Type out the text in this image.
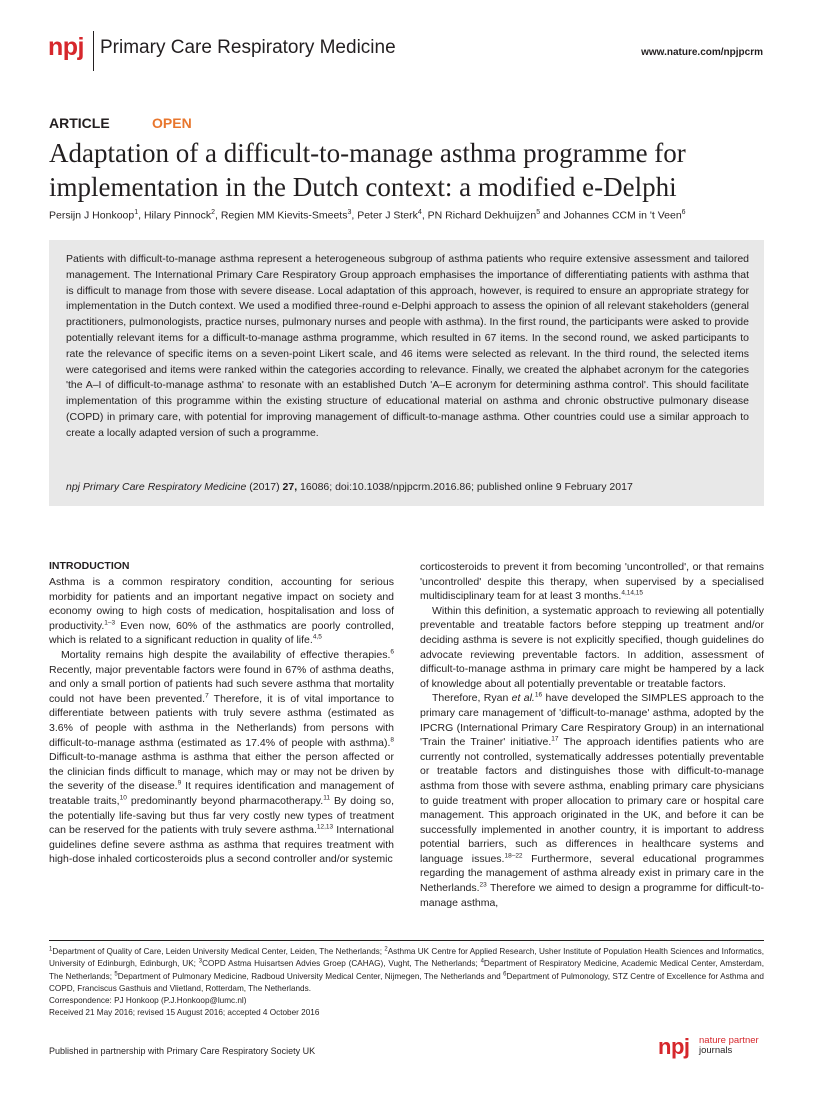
npj Primary Care Respiratory Medicine	www.nature.com/npjpcrm
ARTICLE	OPEN
Adaptation of a difficult-to-manage asthma programme for implementation in the Dutch context: a modified e-Delphi
Persijn J Honkoop$^1$, Hilary Pinnock$^2$, Regien MM Kievits-Smeets$^3$, Peter J Sterk$^4$, PN Richard Dekhuijzen$^5$ and Johannes CCM in 't Veen$^6$
Patients with difficult-to-manage asthma represent a heterogeneous subgroup of asthma patients who require extensive assessment and tailored management. The International Primary Care Respiratory Group approach emphasises the importance of differentiating patients with asthma that is difficult to manage from those with severe disease. Local adaptation of this approach, however, is required to ensure an appropriate strategy for implementation in the Dutch context. We used a modified three-round e-Delphi approach to assess the opinion of all relevant stakeholders (general practitioners, pulmonologists, practice nurses, pulmonary nurses and people with asthma). In the first round, the participants were asked to provide potentially relevant items for a difficult-to-manage asthma programme, which resulted in 67 items. In the second round, we asked participants to rate the relevance of specific items on a seven-point Likert scale, and 46 items were selected as relevant. In the third round, the selected items were categorised and items were ranked within the categories according to relevance. Finally, we created the alphabet acronym for the categories 'the A–I of difficult-to-manage asthma' to resonate with an established Dutch 'A–E acronym for determining asthma control'. This should facilitate implementation of this programme within the existing structure of educational material on asthma and chronic obstructive pulmonary disease (COPD) in primary care, with potential for improving management of difficult-to-manage asthma. Other countries could use a similar approach to create a locally adapted version of such a programme.
npj Primary Care Respiratory Medicine (2017) 27, 16086; doi:10.1038/npjpcrm.2016.86; published online 9 February 2017
INTRODUCTION

Asthma is a common respiratory condition, accounting for serious morbidity for patients and an important negative impact on society and economy owing to high costs of medication, hospitalisation and loss of productivity.$^{1-3}$ Even now, 60% of the asthmatics are poorly controlled, which is related to a significant reduction in quality of life.$^{4,5}$

Mortality remains high despite the availability of effective therapies.$^6$ Recently, major preventable factors were found in 67% of asthma deaths, and only a small portion of patients had such severe asthma that mortality could not have been prevented.$^7$ Therefore, it is of vital importance to differentiate between patients with truly severe asthma (estimated as 3.6% of people with asthma in the Netherlands) from persons with difficult-to-manage asthma (estimated as 17.4% of people with asthma).$^8$ Difficult-to-manage asthma is asthma that either the person affected or the clinician finds difficult to manage, which may or may not be driven by the severity of the disease.$^9$ It requires identification and management of treatable traits,$^{10}$ predominantly beyond pharmacotherapy.$^{11}$ By doing so, the potentially life-saving but thus far very costly new types of treatment can be reserved for the patients with truly severe asthma.$^{12,13}$ International guidelines define severe asthma as asthma that requires treatment with high-dose inhaled corticosteroids plus a second controller and/or systemic

corticosteroids to prevent it from becoming 'uncontrolled', or that remains 'uncontrolled' despite this therapy, when supervised by a specialised multidisciplinary team for at least 3 months.$^{4,14,15}$

Within this definition, a systematic approach to reviewing all potentially preventable and treatable factors before stepping up treatment and/or deciding asthma is severe is not explicitly specified, though guidelines do advocate reviewing preventable factors. In addition, assessment of difficult-to-manage asthma in primary care might be hampered by a lack of knowledge about all potentially preventable or treatable factors.

Therefore, Ryan et al.$^{16}$ have developed the SIMPLES approach to the primary care management of 'difficult-to-manage' asthma, adopted by the IPCRG (International Primary Care Respiratory Group) in an international 'Train the Trainer' initiative.$^{17}$ The approach identifies patients who are currently not controlled, systematically addresses potentially preventable or treatable factors and distinguishes those with difficult-to-manage asthma from those with severe asthma, enabling primary care physicians to guide treatment with proper allocation to primary care or hospital care management. This approach originated in the UK, and before it can be successfully implemented in another country, it is important to address potential barriers, such as differences in healthcare systems and language issues.$^{18-22}$ Furthermore, several educational programmes regarding the management of asthma already exist in primary care in the Netherlands.$^{23}$ Therefore we aimed to design a programme for difficult-to-manage asthma,

$^1$Department of Quality of Care, Leiden University Medical Center, Leiden, The Netherlands; $^2$Asthma UK Centre for Applied Research, Usher Institute of Population Health Sciences and Informatics, University of Edinburgh, Edinburgh, UK; $^3$COPD Astma Huisartsen Advies Groep (CAHAG), Vught, The Netherlands; $^4$Department of Respiratory Medicine, Academic Medical Center, Amsterdam, The Netherlands; $^5$Department of Pulmonary Medicine, Radboud University Medical Center, Nijmegen, The Netherlands and $^6$Department of Pulmonology, STZ Centre of Excellence for Asthma and COPD, Franciscus Gasthuis and Vlietland, Rotterdam, The Netherlands.
Correspondence: PJ Honkoop (P.J.Honkoop@lumc.nl)
Received 21 May 2016; revised 15 August 2016; accepted 4 October 2016
Published in partnership with Primary Care Respiratory Society UK	npj nature partner
journals
